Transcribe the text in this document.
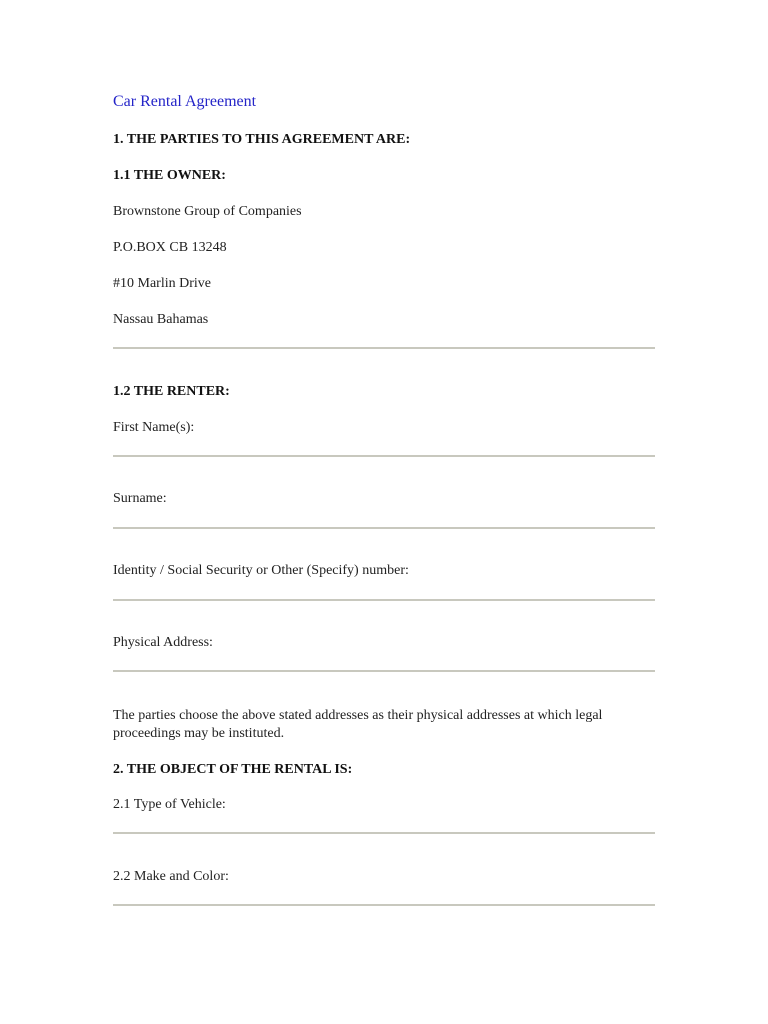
Car Rental Agreement
1. THE PARTIES TO THIS AGREEMENT ARE:
1.1 THE OWNER:

Brownstone Group of Companies

P.O.BOX CB 13248

#10 Marlin Drive

Nassau Bahamas

1.2 THE RENTER:

First Name(s):

Surname:

Identity / Social Security or Other (Specify) number:

Physical Address:

The parties choose the above stated addresses as their physical addresses at which legal proceedings may be instituted.

2. THE OBJECT OF THE RENTAL IS:

2.1 Type of Vehicle:

2.2 Make and Color:
